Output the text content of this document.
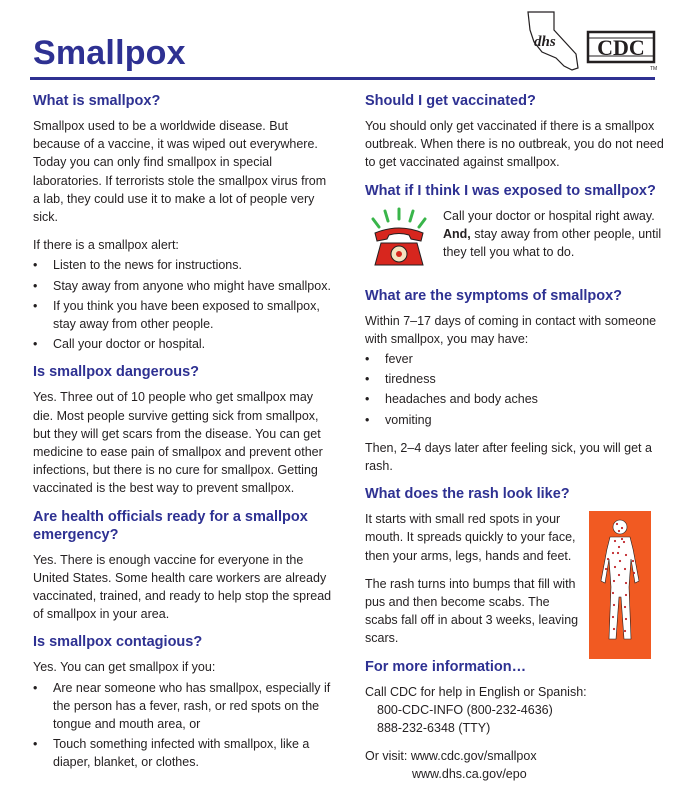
Smallpox	dhs CDC
TM
What is smallpox?

Smallpox used to be a worldwide disease. But because of a vaccine, it was wiped out everywhere. Today you can only find smallpox in special laboratories. If terrorists stole the smallpox virus from a lab, they could use it to make a lot of people very sick.

If there is a smallpox alert:

• Listen to the news for instructions.
• Stay away from anyone who might have smallpox.
• If you think you have been exposed to smallpox, stay away from other people.
• Call your doctor or hospital.
Is smallpox dangerous?

Yes. Three out of 10 people who get smallpox may die. Most people survive getting sick from smallpox, but they will get scars from the disease. You can get medicine to ease pain of smallpox and prevent other infections, but there is no cure for smallpox. Getting vaccinated is the best way to prevent smallpox.

Are health officials ready for a smallpox emergency?

Yes. There is enough vaccine for everyone in the United States. Some health care workers are already vaccinated, trained, and ready to help stop the spread of smallpox in your area.

Is smallpox contagious?

Yes. You can get smallpox if you:

• Are near someone who has smallpox, especially if the person has a fever, rash, or red spots on the tongue and mouth area, or
• Touch something infected with smallpox, like a diaper, blanket, or clothes.
Should I get vaccinated?

You should only get vaccinated if there is a smallpox outbreak. When there is no outbreak, you do not need to get vaccinated against smallpox.

What if I think I was exposed to smallpox?
Call your doctor or hospital right away. And, stay away from other people, until they tell you what to do.
What are the symptoms of smallpox?

Within 7–17 days of coming in contact with someone with smallpox, you may have:

• fever
• tiredness
• headaches and body aches
• vomiting

Then, 2–4 days later after feeling sick, you will get a rash.

What does the rash look like?

It starts with small red spots in your mouth. It spreads quickly to your face, then your arms, legs, hands and feet.

The rash turns into bumps that fill with pus and then become scabs. The scabs fall off in about 3 weeks, leaving scars.

For more information…

Call CDC for help in English or Spanish:

800-CDC-INFO (800-232-4636)

888-232-6348 (TTY)

Or visit: www.cdc.gov/smallpox

www.dhs.ca.gov/epo
